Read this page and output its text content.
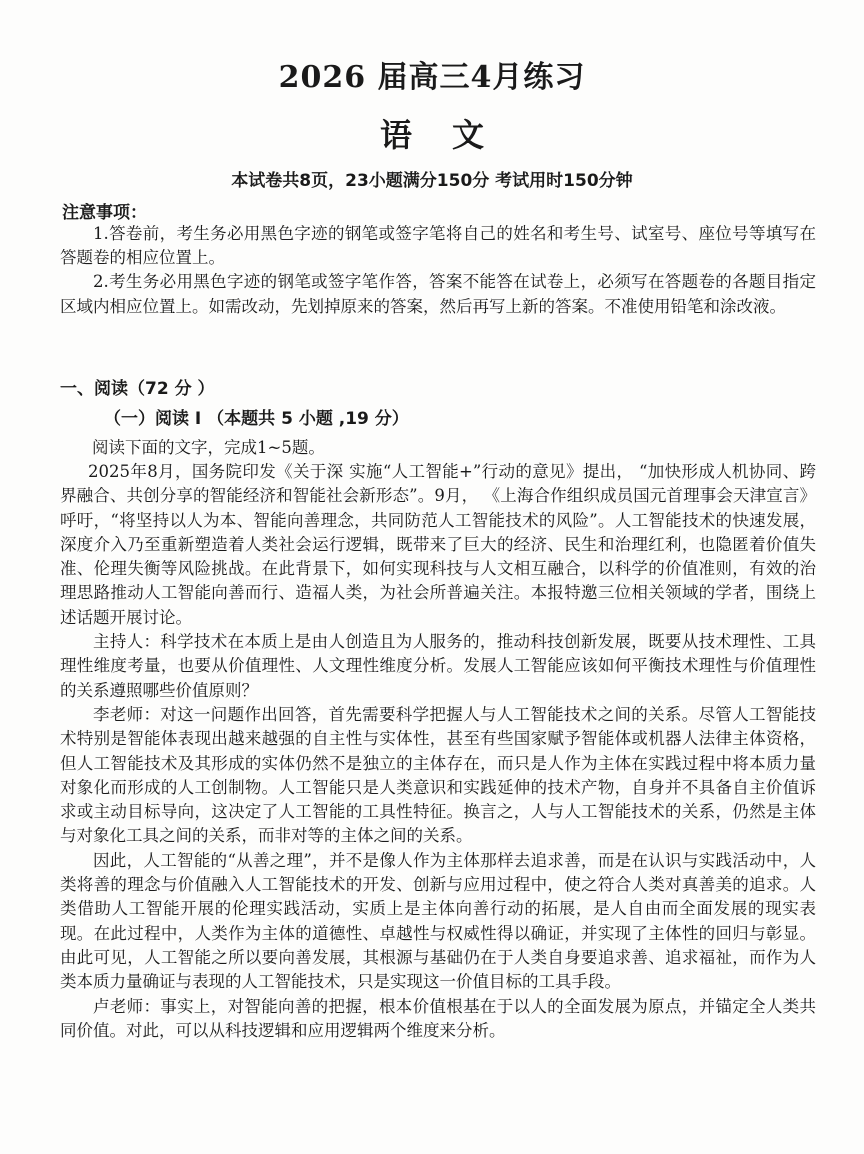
2026 届高三4月练习
语文
本试卷共8页，23小题满分150分 考试用时150分钟
注意事项：

1.答卷前，考生务必用黑色字迹的钢笔或签字笔将自己的姓名和考生号、试室号、座位号等填写在答题卷的相应位置上。

2.考生务必用黑色字迹的钢笔或签字笔作答，答案不能答在试卷上，必须写在答题卷的各题目指定区域内相应位置上。如需改动，先划掉原来的答案，然后再写上新的答案。不准使用铅笔和涂改液。

一、阅读（72 分 ）
（一）阅读 Ⅰ （本题共 5 小题 ,19 分）
阅读下面的文字，完成1~5题。

2025年8月，国务院印发《关于深 实施“人工智能+”行动的意见》提出， “加快形成人机协同、跨界融合、共创分享的智能经济和智能社会新形态”。9月， 《上海合作组织成员国元首理事会天津宣言》呼吁，“将坚持以人为本、智能向善理念，共同防范人工智能技术的风险”。人工智能技术的快速发展，深度介入乃至重新塑造着人类社会运行逻辑，既带来了巨大的经济、民生和治理红利，也隐匿着价值失准、伦理失衡等风险挑战。在此背景下，如何实现科技与人文相互融合，以科学的价值准则，有效的治理思路推动人工智能向善而行、造福人类，为社会所普遍关注。本报特邀三位相关领域的学者，围绕上述话题开展讨论。

主持人：科学技术在本质上是由人创造且为人服务的，推动科技创新发展，既要从技术理性、工具理性维度考量，也要从价值理性、人文理性维度分析。发展人工智能应该如何平衡技术理性与价值理性的关系遵照哪些价值原则？

李老师：对这一问题作出回答，首先需要科学把握人与人工智能技术之间的关系。尽管人工智能技术特别是智能体表现出越来越强的自主性与实体性，甚至有些国家赋予智能体或机器人法律主体资格，但人工智能技术及其形成的实体仍然不是独立的主体存在，而只是人作为主体在实践过程中将本质力量对象化而形成的人工创制物。人工智能只是人类意识和实践延伸的技术产物，自身并不具备自主价值诉求或主动目标导向，这决定了人工智能的工具性特征。换言之，人与人工智能技术的关系，仍然是主体与对象化工具之间的关系，而非对等的主体之间的关系。

因此，人工智能的“从善之理”，并不是像人作为主体那样去追求善，而是在认识与实践活动中，人类将善的理念与价值融入人工智能技术的开发、创新与应用过程中，使之符合人类对真善美的追求。人类借助人工智能开展的伦理实践活动，实质上是主体向善行动的拓展，是人自由而全面发展的现实表现。在此过程中，人类作为主体的道德性、卓越性与权威性得以确证，并实现了主体性的回归与彰显。由此可见，人工智能之所以要向善发展，其根源与基础仍在于人类自身要追求善、追求福祉，而作为人类本质力量确证与表现的人工智能技术，只是实现这一价值目标的工具手段。

卢老师：事实上，对智能向善的把握，根本价值根基在于以人的全面发展为原点，并锚定全人类共同价值。对此，可以从科技逻辑和应用逻辑两个维度来分析。
